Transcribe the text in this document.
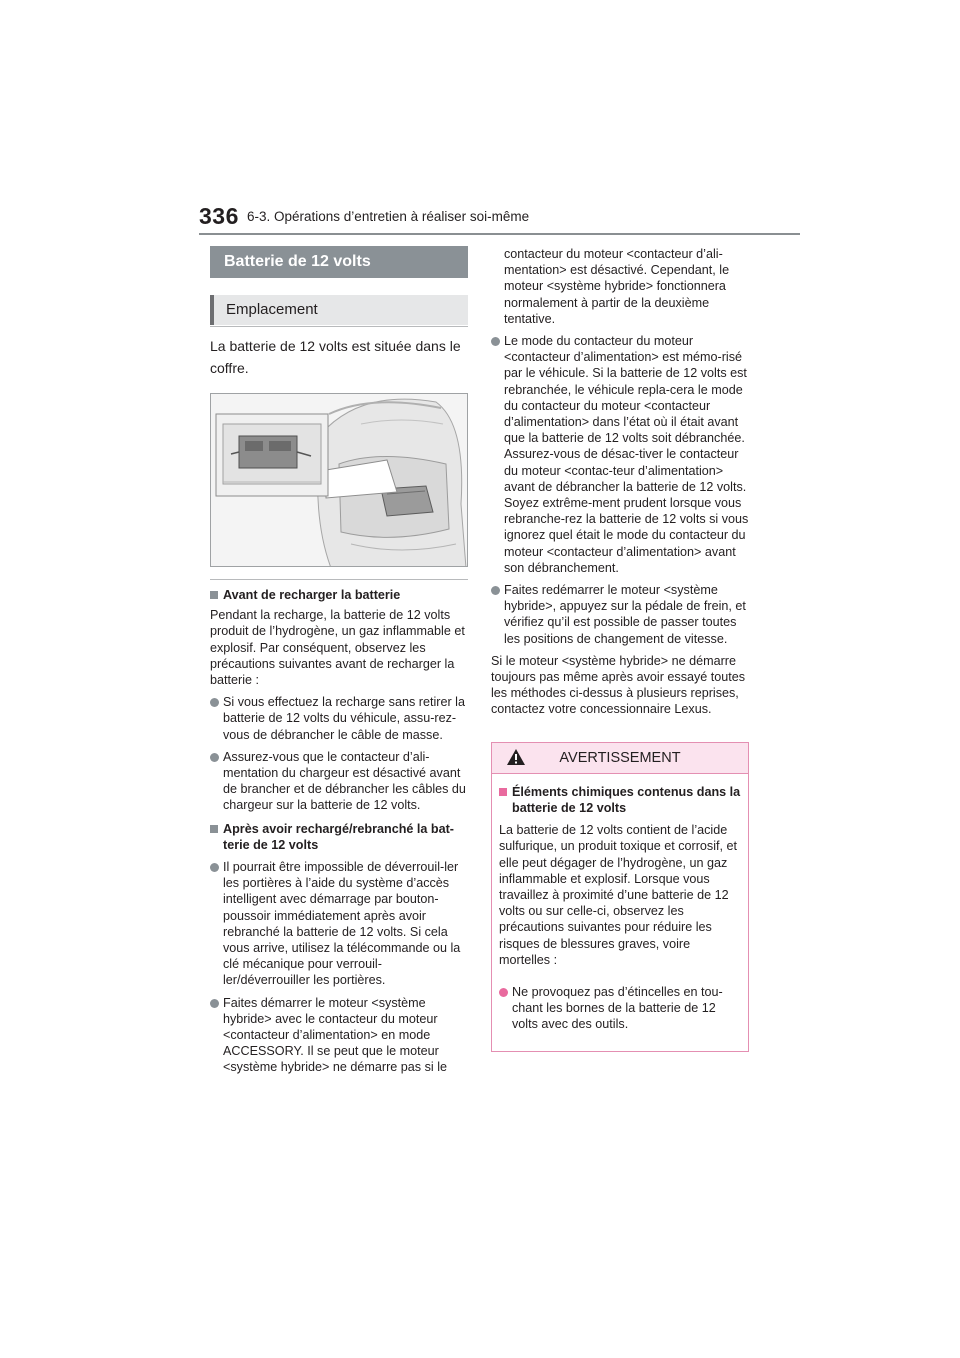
336 6-3. Opérations d’entretien à réaliser soi-même
Batterie de 12 volts
Emplacement
La batterie de 12 volts est située dans le coffre.
Avant de recharger la batterie

Pendant la recharge, la batterie de 12 volts produit de l’hydrogène, un gaz inflammable et explosif. Par conséquent, observez les précautions suivantes avant de recharger la batterie :

Si vous effectuez la recharge sans retirer la batterie de 12 volts du véhicule, assu-rez-vous de débrancher le câble de masse.
Assurez-vous que le contacteur d’ali-mentation du chargeur est désactivé avant de brancher et de débrancher les câbles du chargeur sur la batterie de 12 volts.
Après avoir rechargé/rebranché la bat-terie de 12 volts
Il pourrait être impossible de déverrouil-ler les portières à l’aide du système d’accès intelligent avec démarrage par bouton-poussoir immédiatement après avoir rebranché la batterie de 12 volts. Si cela vous arrive, utilisez la télécommande ou la clé mécanique pour verrouil-ler/déverrouiller les portières.
Faites démarrer le moteur <système hybride> avec le contacteur du moteur <contacteur d’alimentation> en mode ACCESSORY. Il se peut que le moteur <système hybride> ne démarre pas si le
contacteur du moteur <contacteur d’ali-mentation> est désactivé. Cependant, le moteur <système hybride> fonctionnera normalement à partir de la deuxième tentative.
Le mode du contacteur du moteur <contacteur d’alimentation> est mémo-risé par le véhicule. Si la batterie de 12 volts est rebranchée, le véhicule repla-cera le mode du contacteur du moteur <contacteur d’alimentation> dans l’état où il était avant que la batterie de 12 volts soit débranchée. Assurez-vous de désac-tiver le contacteur du moteur <contac-teur d’alimentation> avant de débrancher la batterie de 12 volts. Soyez extrême-ment prudent lorsque vous rebranche-rez la batterie de 12 volts si vous ignorez quel était le mode du contacteur du moteur <contacteur d’alimentation> avant son débranchement.
Faites redémarrer le moteur <système hybride>, appuyez sur la pédale de frein, et vérifiez qu’il est possible de passer toutes les positions de changement de vitesse.

Si le moteur <système hybride> ne démarre toujours pas même après avoir essayé toutes les méthodes ci-dessus à plusieurs reprises, contactez votre concessionnaire Lexus.

AVERTISSEMENT
Éléments chimiques contenus dans la batterie de 12 volts

La batterie de 12 volts contient de l’acide sulfurique, un produit toxique et corrosif, et elle peut dégager de l’hydrogène, un gaz inflammable et explosif. Lorsque vous travaillez à proximité d’une batterie de 12 volts ou sur celle-ci, observez les précautions suivantes pour réduire les risques de blessures graves, voire mortelles :

Ne provoquez pas d’étincelles en tou-chant les bornes de la batterie de 12 volts avec des outils.
